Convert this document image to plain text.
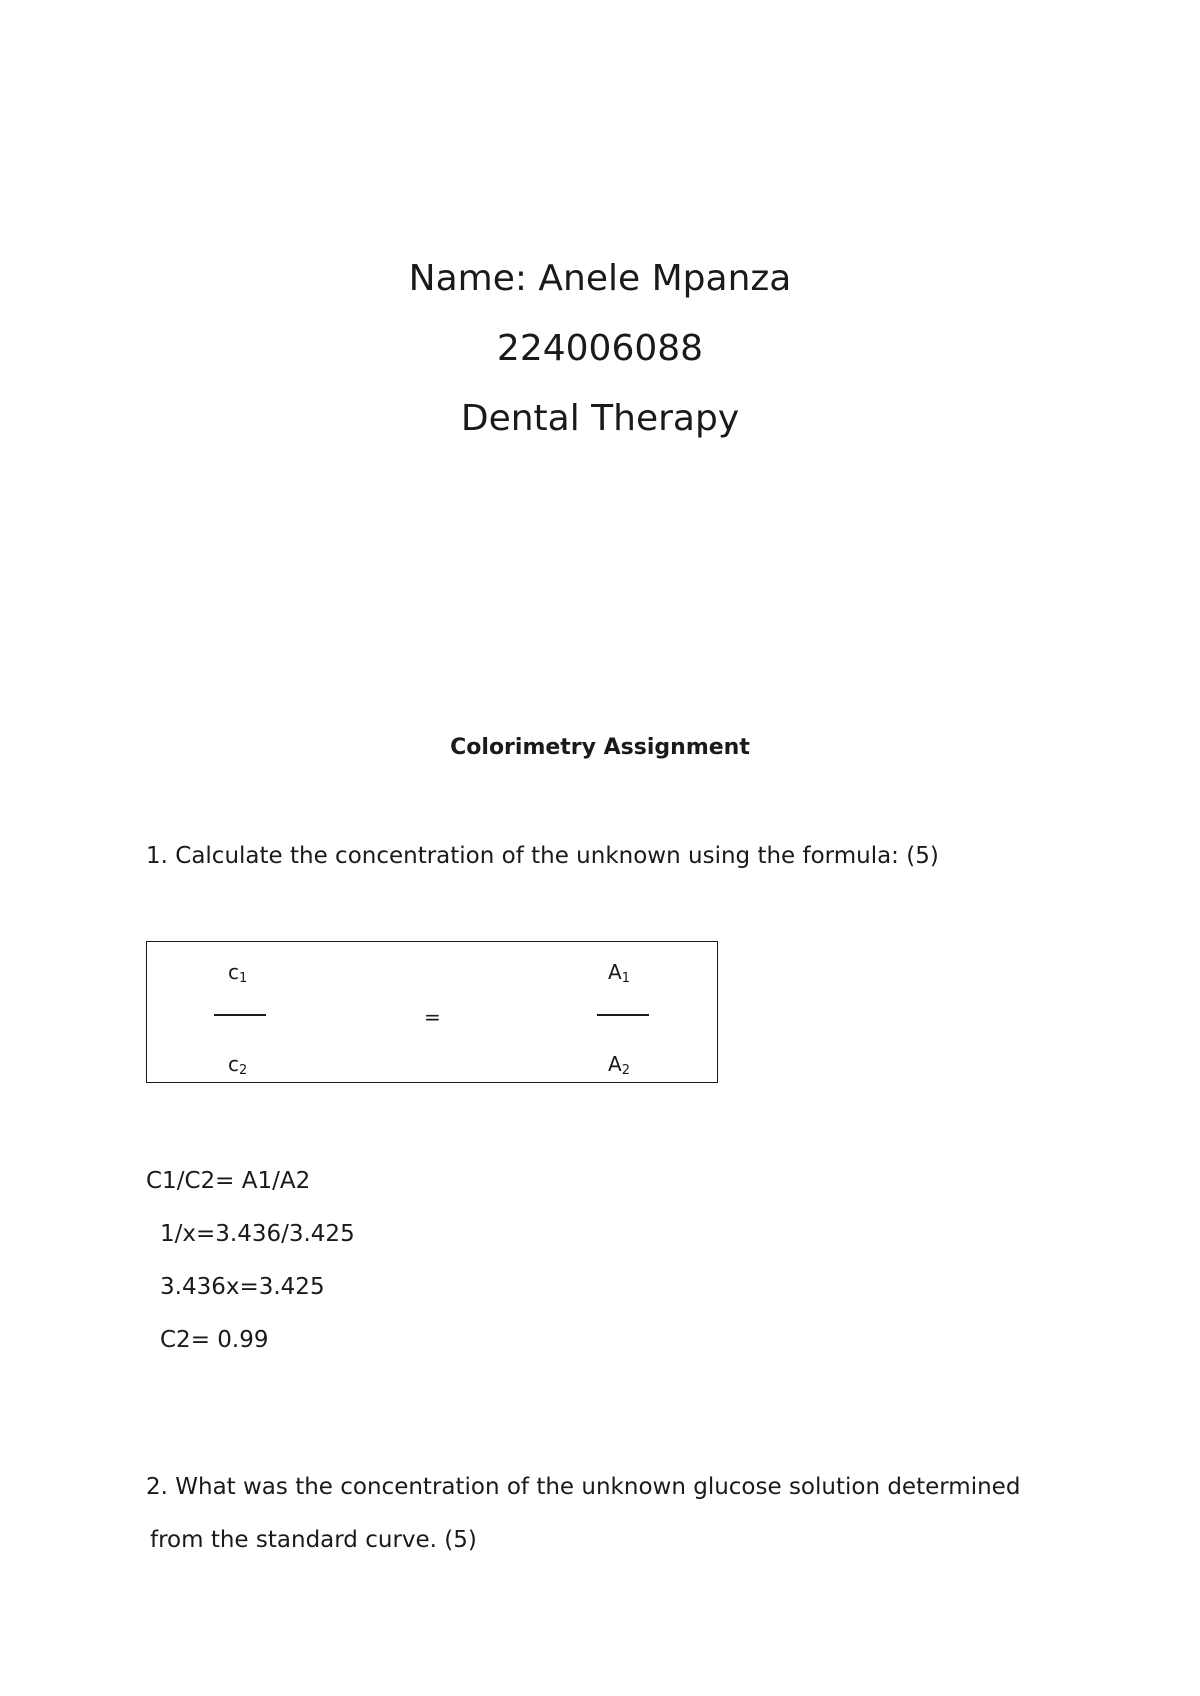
Name: Anele Mpanza
224006088
Dental Therapy
Colorimetry Assignment
1. Calculate the concentration of the unknown using the formula: (5)
$c_1$
$c_2$
=
$A_1$
$A_2$
C1/C2= A1/A2
1/x=3.436/3.425
3.436x=3.425
C2= 0.99
2. What was the concentration of the unknown glucose solution determined
from the standard curve. (5)
